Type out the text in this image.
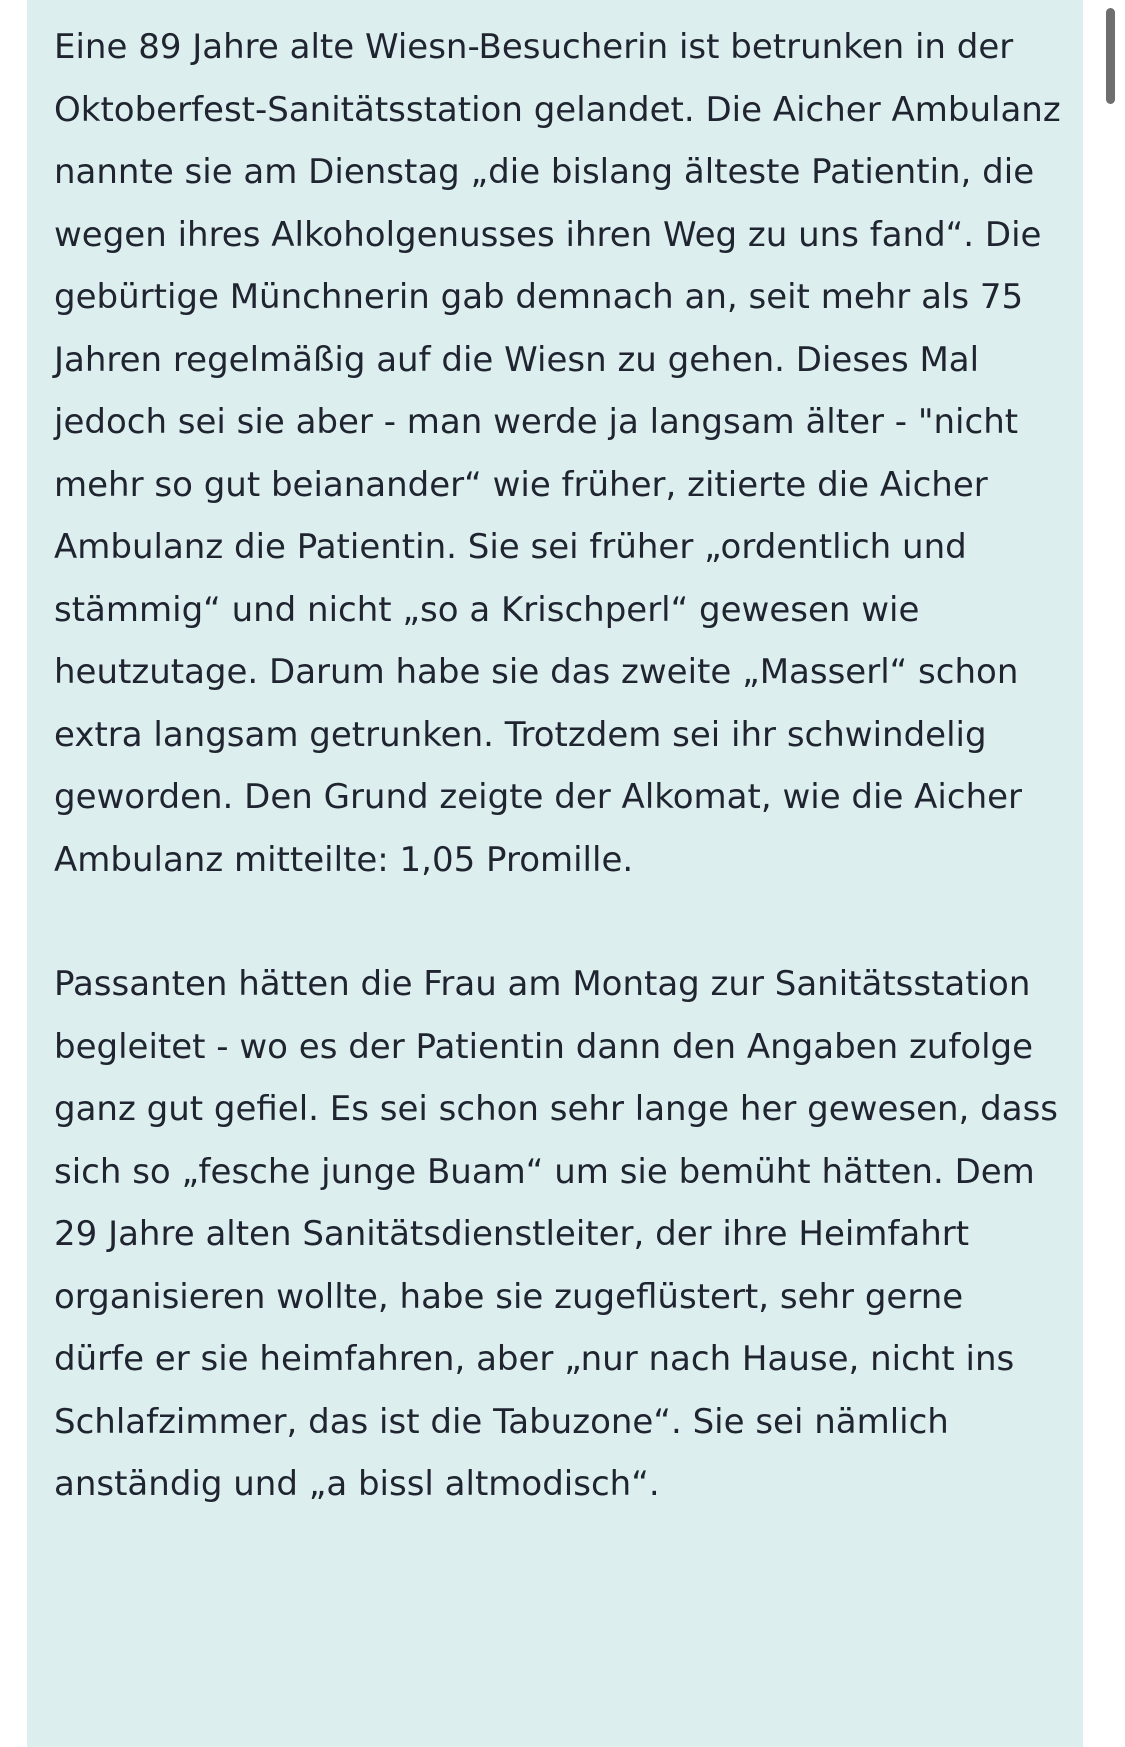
Eine 89 Jahre alte Wiesn-Besucherin ist betrunken in der Oktoberfest-Sanitätsstation gelandet. Die Aicher Ambulanz nannte sie am Dienstag „die bislang älteste Patientin, die wegen ihres Alkoholgenusses ihren Weg zu uns fand“. Die gebürtige Münchnerin gab demnach an, seit mehr als 75 Jahren regelmäßig auf die Wiesn zu gehen. Dieses Mal jedoch sei sie aber - man werde ja langsam älter - "nicht mehr so gut beianander“ wie früher, zitierte die Aicher Ambulanz die Patientin. Sie sei früher „ordentlich und stämmig“ und nicht „so a Krischperl“ gewesen wie heutzutage. Darum habe sie das zweite „Masserl“ schon extra langsam getrunken. Trotzdem sei ihr schwindelig geworden. Den Grund zeigte der Alkomat, wie die Aicher Ambulanz mitteilte: 1,05 Promille.

Passanten hätten die Frau am Montag zur Sanitätsstation begleitet - wo es der Patientin dann den Angaben zufolge ganz gut gefiel. Es sei schon sehr lange her gewesen, dass sich so „fesche junge Buam“ um sie bemüht hätten. Dem 29 Jahre alten Sanitätsdienstleiter, der ihre Heimfahrt organisieren wollte, habe sie zugeflüstert, sehr gerne dürfe er sie heimfahren, aber „nur nach Hause, nicht ins Schlafzimmer, das ist die Tabuzone“. Sie sei nämlich anständig und „a bissl altmodisch“.
